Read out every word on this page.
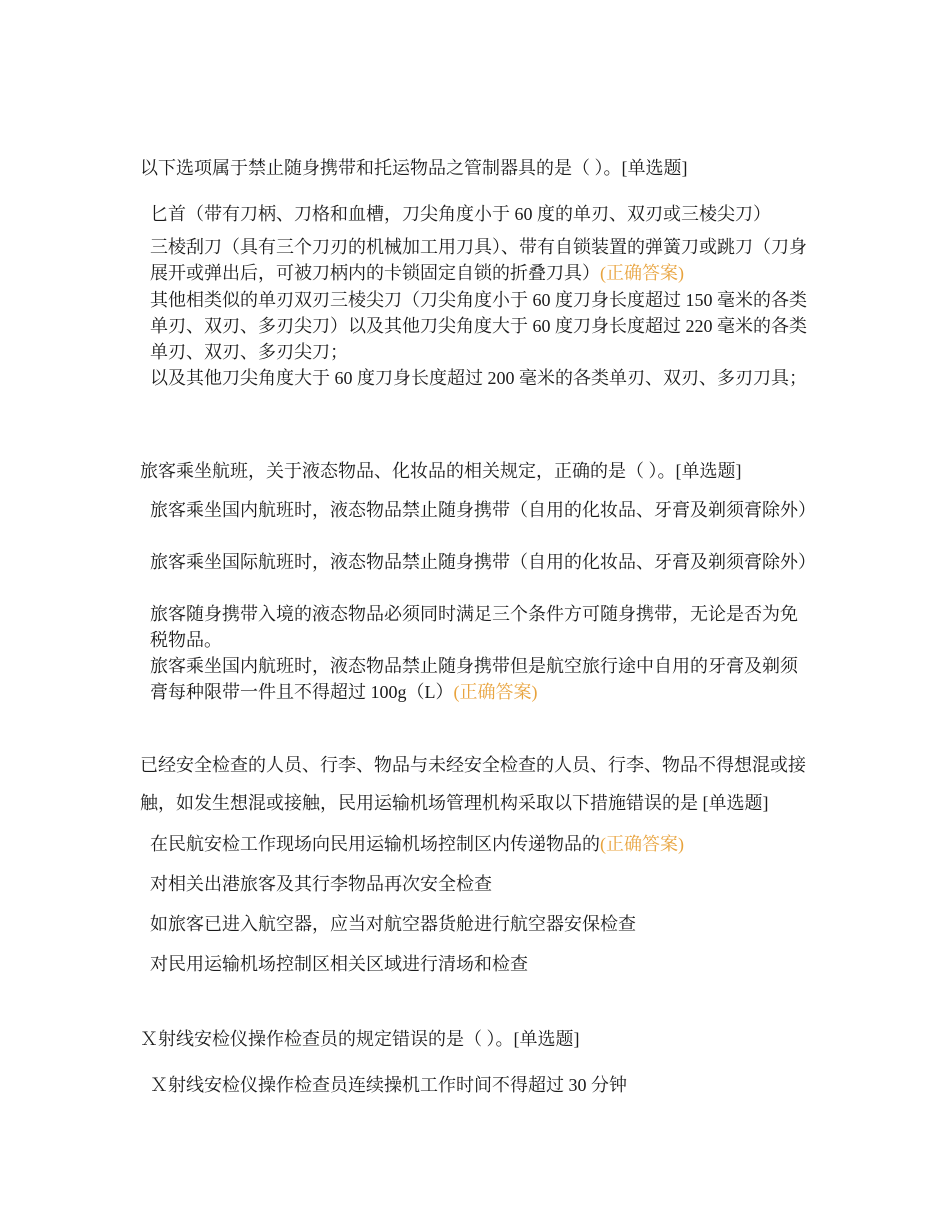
以下选项属于禁止随身携带和托运物品之管制器具的是（ ）。[单选题]

匕首（带有刀柄、刀格和血槽，刀尖角度小于 60 度的单刃、双刃或三棱尖刀）

三棱刮刀（具有三个刀刃的机械加工用刀具）、带有自锁装置的弹簧刀或跳刀（刀身展开或弹出后，可被刀柄内的卡锁固定自锁的折叠刀具）(正确答案)

其他相类似的单刃双刃三棱尖刀（刀尖角度小于 60 度刀身长度超过 150 毫米的各类单刃、双刃、多刃尖刀）以及其他刀尖角度大于 60 度刀身长度超过 220 毫米的各类单刃、双刃、多刃尖刀；

以及其他刀尖角度大于 60 度刀身长度超过 200 毫米的各类单刃、双刃、多刃刀具；

旅客乘坐航班，关于液态物品、化妆品的相关规定，正确的是（ ）。[单选题]

旅客乘坐国内航班时，液态物品禁止随身携带（自用的化妆品、牙膏及剃须膏除外）

旅客乘坐国际航班时，液态物品禁止随身携带（自用的化妆品、牙膏及剃须膏除外）

旅客随身携带入境的液态物品必须同时满足三个条件方可随身携带，无论是否为免税物品。

旅客乘坐国内航班时，液态物品禁止随身携带但是航空旅行途中自用的牙膏及剃须膏每种限带一件且不得超过 100g（L）(正确答案)

已经安全检查的人员、行李、物品与未经安全检查的人员、行李、物品不得想混或接触，如发生想混或接触，民用运输机场管理机构采取以下措施错误的是 [单选题]

在民航安检工作现场向民用运输机场控制区内传递物品的(正确答案)

对相关出港旅客及其行李物品再次安全检查

如旅客已进入航空器，应当对航空器货舱进行航空器安保检查

对民用运输机场控制区相关区域进行清场和检查

Ｘ射线安检仪操作检查员的规定错误的是（ ）。[单选题]

Ｘ射线安检仪操作检查员连续操机工作时间不得超过 30 分钟
